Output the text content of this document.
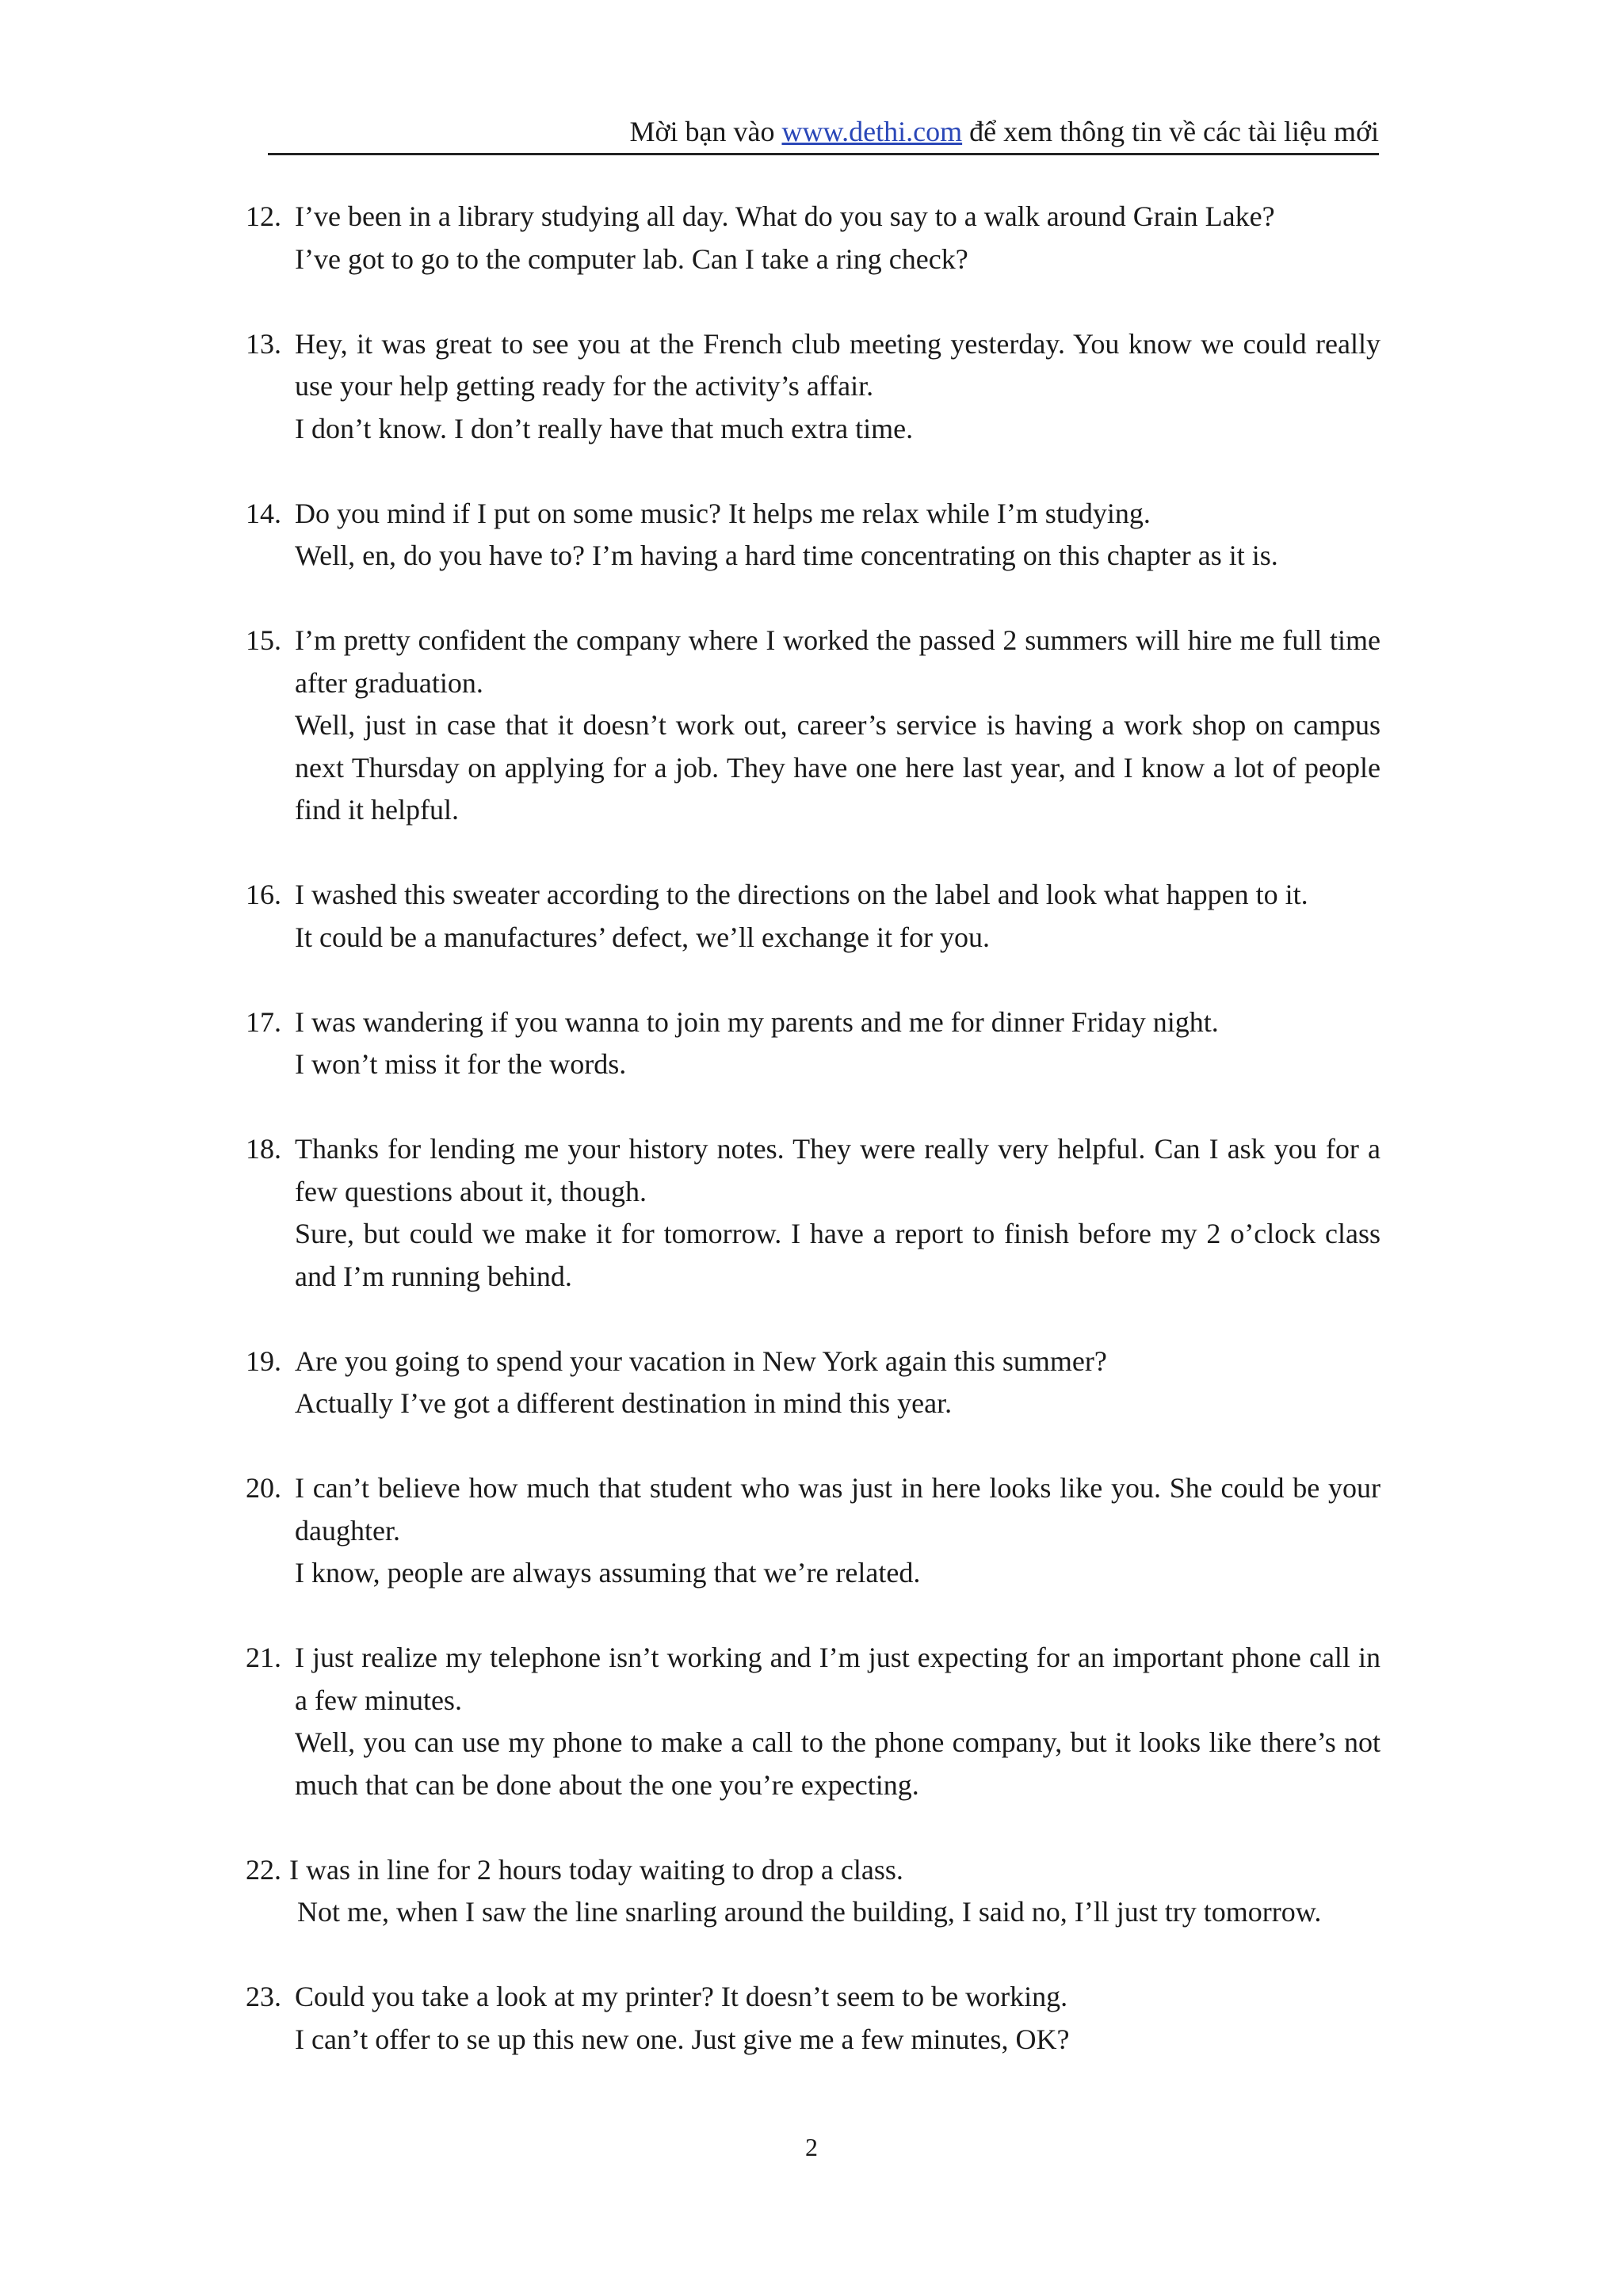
Mời bạn vào www.dethi.com để xem thông tin về các tài liệu mới
12. I’ve been in a library studying all day. What do you say to a walk around Grain Lake?

I’ve got to go to the computer lab. Can I take a ring check?

13. Hey, it was great to see you at the French club meeting yesterday. You know we could really use your help getting ready for the activity’s affair.

I don’t know. I don’t really have that much extra time.

14. Do you mind if I put on some music? It helps me relax while I’m studying.

Well, en, do you have to? I’m having a hard time concentrating on this chapter as it is.

15. I’m pretty confident the company where I worked the passed 2 summers will hire me full time after graduation.

Well, just in case that it doesn’t work out, career’s service is having a work shop on campus next Thursday on applying for a job. They have one here last year, and I know a lot of people find it helpful.

16. I washed this sweater according to the directions on the label and look what happen to it.

It could be a manufactures’ defect, we’ll exchange it for you.

17. I was wandering if you wanna to join my parents and me for dinner Friday night.

I won’t miss it for the words.

18. Thanks for lending me your history notes. They were really very helpful. Can I ask you for a few questions about it, though.

Sure, but could we make it for tomorrow. I have a report to finish before my 2 o’clock class and I’m running behind.

19. Are you going to spend your vacation in New York again this summer?

Actually I’ve got a different destination in mind this year.

20. I can’t believe how much that student who was just in here looks like you. She could be your daughter.

I know, people are always assuming that we’re related.

21. I just realize my telephone isn’t working and I’m just expecting for an important phone call in a few minutes.

Well, you can use my phone to make a call to the phone company, but it looks like there’s not much that can be done about the one you’re expecting.

22. I was in line for 2 hours today waiting to drop a class.

Not me, when I saw the line snarling around the building, I said no, I’ll just try tomorrow.

23. Could you take a look at my printer? It doesn’t seem to be working.

I can’t offer to se up this new one. Just give me a few minutes, OK?

2
